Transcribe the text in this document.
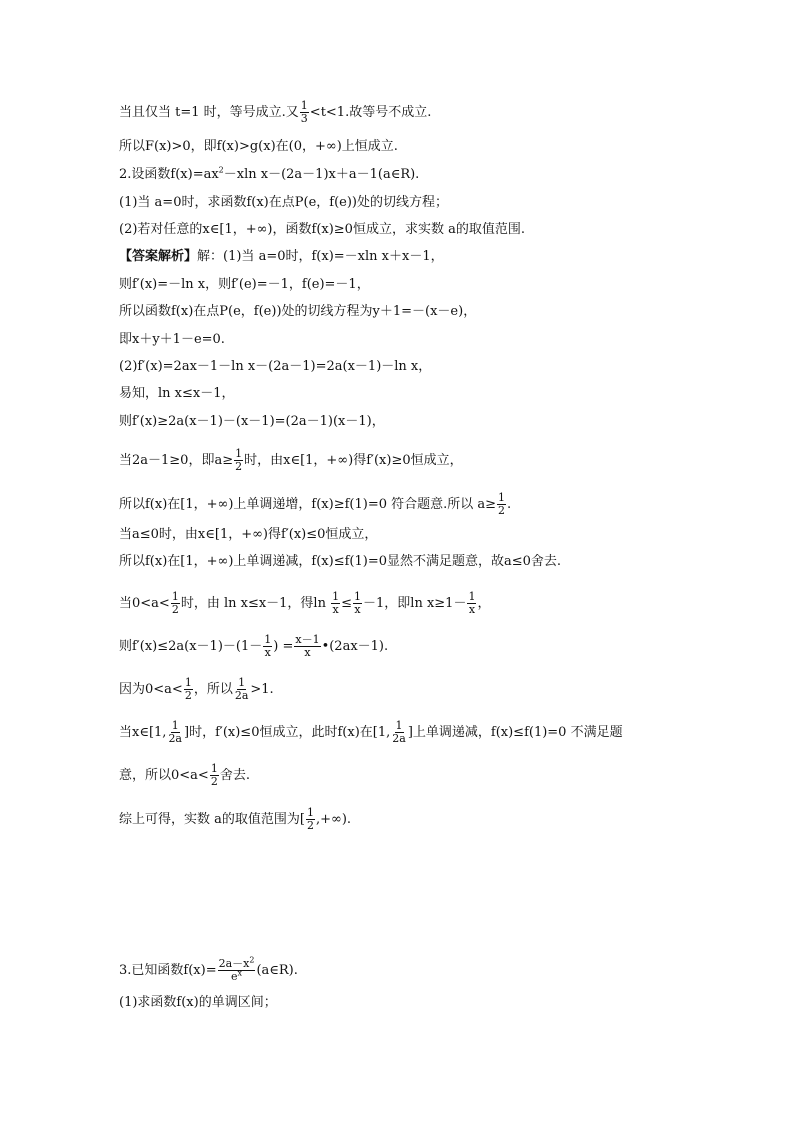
当且仅当 t=1 时，等号成立.又 $\frac{1}{3} <t<1$.故等号不成立.
所以F(x)>0，即f(x)>g(x)在(0，+∞)上恒成立.
2.设函数$f(x)=ax^2-xln$ x－(2a－1)x＋a－1(a∈R).
(1)当 a=0时，求函数f(x)在点P(e，f(e))处的切线方程；
(2)若对任意的x∈[1，+∞)，函数f(x)≥0恒成立，求实数 a的取值范围.
【答案解析】解：(1)当 a=0时，f(x)=－xln x＋x－1，
则f′(x)=－ln x，则f′(e)=－1，f(e)=－1，
所以函数f(x)在点P(e，f(e))处的切线方程为y＋1=－(x－e)，
即x＋y＋1－e=0.
(2)f′(x)=2ax－1－ln x－(2a－1)=2a(x－1)－ln x，
易知，ln x≤x－1，
则f′(x)≥2a(x－1)－(x－1)=(2a－1)(x－1)，
当2a－1≥0，即$a\ge \frac{1}{2}$ 时，由x∈[1，+∞)得f′(x)≥0恒成立，
所以f(x)在[1，+∞)上单调递增，f(x)≥f(1)=0 符合题意.所以 $a\ge \frac{1}{2}$ .
当a≤0时，由x∈[1，+∞)得f′(x)≤0恒成立，
所以f(x)在[1，+∞)上单调递减，f(x)≤f(1)=0显然不满足题意，故a≤0舍去.
当$0<a< \frac{1}{2}$ 时，由 ln x≤x－1，得$\ln \frac{1}{x} \le \frac{1}{x} -1$，即$\ln x\ge 1- \frac{1}{x}$ ，
则$f'(x)\le 2a(x-1)-(1- \frac{1}{x}$ ) = $\frac{x-1}{x}$ •(2ax－1).
因为$0<a< \frac{1}{2}$ ，所以 $\frac{1}{2a} >1$.
当x∈[1, $\frac{1}{2a}$ ]时，f′(x)≤0恒成立，此时f(x)在[1, $\frac{1}{2a}$ ]上单调递减，f(x)≤f(1)=0 不满足题
意，所以$0<a< \frac{1}{2}$ 舍去.
综上可得，实数 a的取值范围为[ $\frac{1}{2}$ ,+∞).
3.已知函数$f(x)= \frac{2a-x^2}{e^x}$ (a∈R).
(1)求函数f(x)的单调区间；
